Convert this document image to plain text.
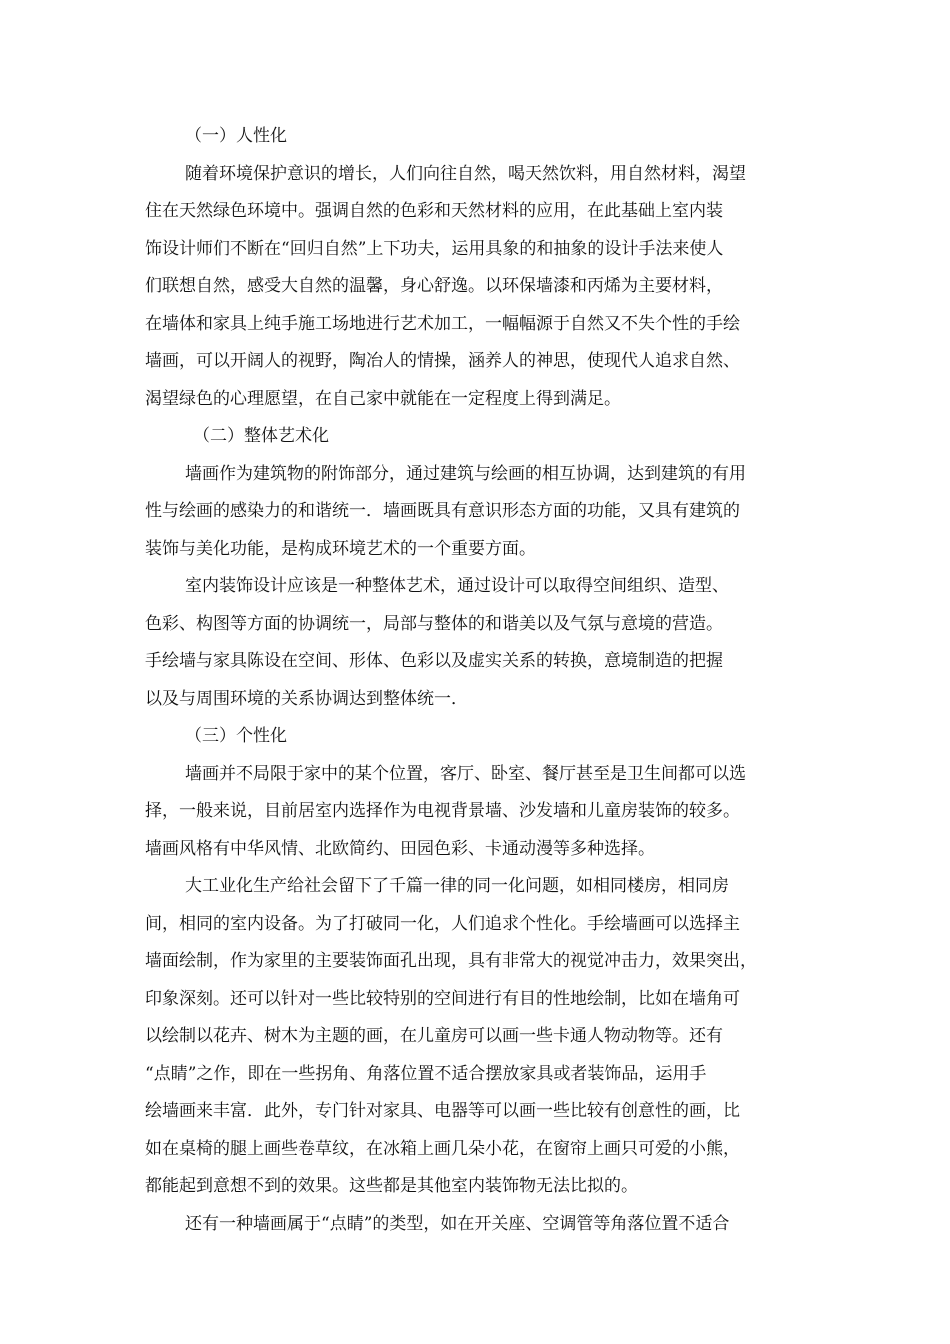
（一）人性化
随着环境保护意识的增长，人们向往自然，喝天然饮料，用自然材料，渴望
住在天然绿色环境中。强调自然的色彩和天然材料的应用，在此基础上室内装
饰设计师们不断在“回归自然”上下功夫，运用具象的和抽象的设计手法来使人
们联想自然，感受大自然的温馨，身心舒逸。以环保墙漆和丙烯为主要材料，
在墙体和家具上纯手施工场地进行艺术加工，一幅幅源于自然又不失个性的手绘
墙画，可以开阔人的视野，陶冶人的情操，涵养人的神思，使现代人追求自然、
渴望绿色的心理愿望，在自己家中就能在一定程度上得到满足。
（二）整体艺术化
墙画作为建筑物的附饰部分，通过建筑与绘画的相互协调，达到建筑的有用
性与绘画的感染力的和谐统一．墙画既具有意识形态方面的功能，又具有建筑的
装饰与美化功能，是构成环境艺术的一个重要方面。
室内装饰设计应该是一种整体艺术，通过设计可以取得空间组织、造型、
色彩、构图等方面的协调统一，局部与整体的和谐美以及气氛与意境的营造。
手绘墙与家具陈设在空间、形体、色彩以及虚实关系的转换，意境制造的把握
以及与周围环境的关系协调达到整体统一．
（三）个性化
墙画并不局限于家中的某个位置，客厅、卧室、餐厅甚至是卫生间都可以选
择，一般来说，目前居室内选择作为电视背景墙、沙发墙和儿童房装饰的较多。
墙画风格有中华风情、北欧简约、田园色彩、卡通动漫等多种选择。
大工业化生产给社会留下了千篇一律的同一化问题，如相同楼房，相同房
间，相同的室内设备。为了打破同一化，人们追求个性化。手绘墙画可以选择主
墙面绘制，作为家里的主要装饰面孔出现，具有非常大的视觉冲击力，效果突出，
印象深刻。还可以针对一些比较特别的空间进行有目的性地绘制，比如在墙角可
以绘制以花卉、树木为主题的画，在儿童房可以画一些卡通人物动物等。还有
“点睛”之作，即在一些拐角、角落位置不适合摆放家具或者装饰品，运用手
绘墙画来丰富．此外，专门针对家具、电器等可以画一些比较有创意性的画，比
如在桌椅的腿上画些卷草纹，在冰箱上画几朵小花，在窗帘上画只可爱的小熊，
都能起到意想不到的效果。这些都是其他室内装饰物无法比拟的。
还有一种墙画属于“点睛”的类型，如在开关座、空调管等角落位置不适合
